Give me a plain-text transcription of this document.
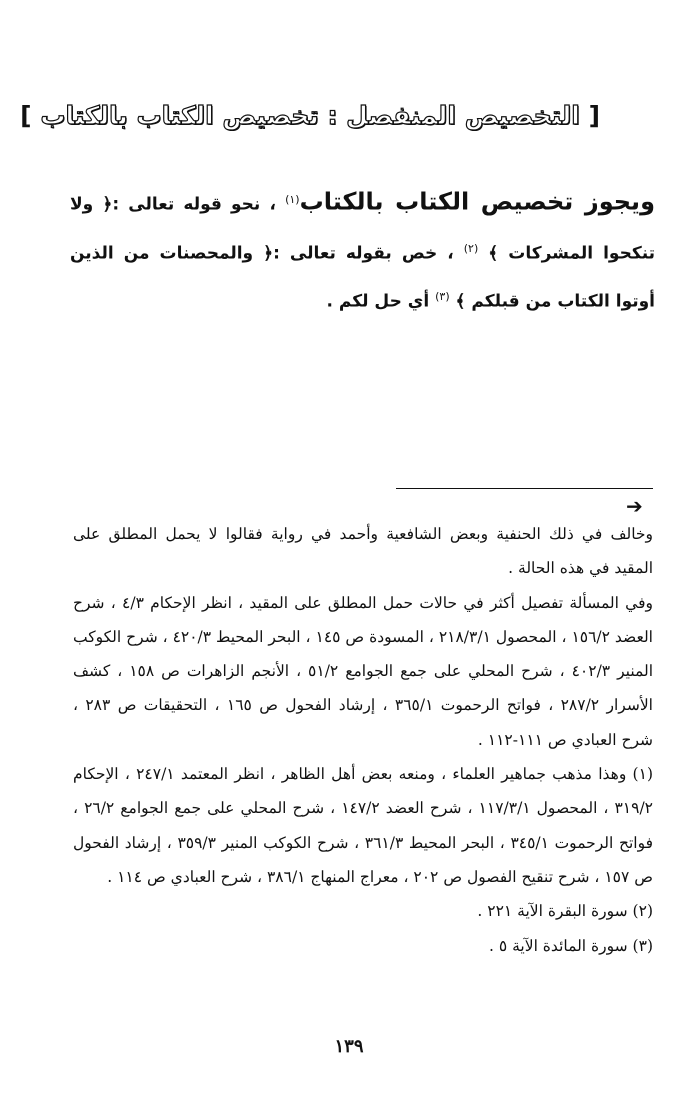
[ التخصيص المنفصل : تخصيص الكتاب بالكتاب ]
ويجوز تخصيص الكتاب بالكتاب$^{(١)}$ ، نحو قوله تعالى :﴿ ولا تنكحوا المشركات ﴾ $^{(٢)}$ ، خص بقوله تعالى :﴿ والمحصنات من الذين أوتوا الكتاب من قبلكم ﴾ $^{(٣)}$ أي حل لكم .
➔

وخالف في ذلك الحنفية وبعض الشافعية وأحمد في رواية فقالوا لا يحمل المطلق على المقيد في هذه الحالة .

وفي المسألة تفصيل أكثر في حالات حمل المطلق على المقيد ، انظر الإحكام ٤/٣ ، شرح العضد ١٥٦/٢ ، المحصول ٢١٨/٣/١ ، المسودة ص ١٤٥ ، البحر المحيط ٤٢٠/٣ ، شرح الكوكب المنير ٤٠٢/٣ ، شرح المحلي على جمع الجوامع ٥١/٢ ، الأنجم الزاهرات ص ١٥٨ ، كشف الأسرار ٢٨٧/٢ ، فواتح الرحموت ٣٦٥/١ ، إرشاد الفحول ص ١٦٥ ، التحقيقات ص ٢٨٣ ، شرح العبادي ص ١١١-١١٢ .

(١) وهذا مذهب جماهير العلماء ، ومنعه بعض أهل الظاهر ، انظر المعتمد ٢٤٧/١ ، الإحكام ٣١٩/٢ ، المحصول ١١٧/٣/١ ، شرح العضد ١٤٧/٢ ، شرح المحلي على جمع الجوامع ٢٦/٢ ، فواتح الرحموت ٣٤٥/١ ، البحر المحيط ٣٦١/٣ ، شرح الكوكب المنير ٣٥٩/٣ ، إرشاد الفحول ص ١٥٧ ، شرح تنقيح الفصول ص ٢٠٢ ، معراج المنهاج ٣٨٦/١ ، شرح العبادي ص ١١٤ .

(٢) سورة البقرة الآية ٢٢١ .

(٣) سورة المائدة الآية ٥ .

١٣٩
